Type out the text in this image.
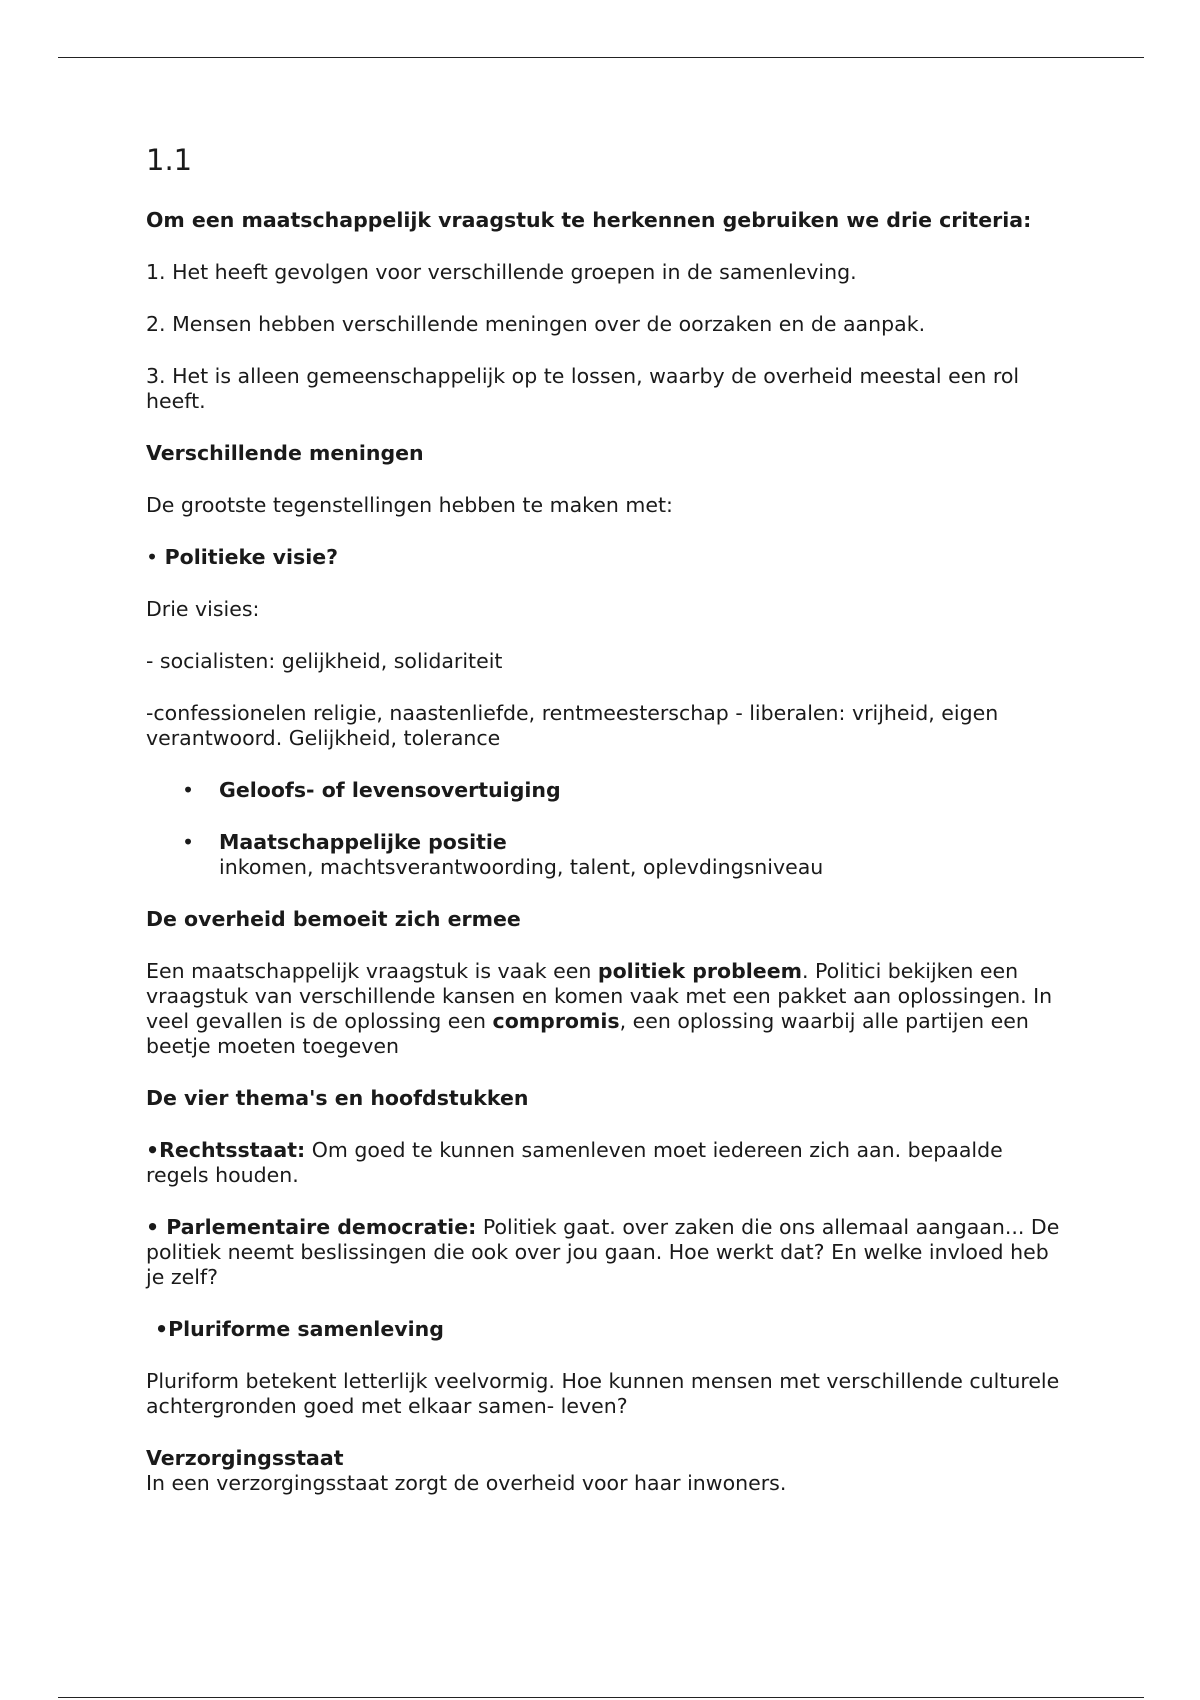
1.1

Om een maatschappelijk vraagstuk te herkennen gebruiken we drie criteria:

1. Het heeft gevolgen voor verschillende groepen in de samenleving.

2. Mensen hebben verschillende meningen over de oorzaken en de aanpak.

3. Het is alleen gemeenschappelijk op te lossen, waarby de overheid meestal een rol heeft.

Verschillende meningen

De grootste tegenstellingen hebben te maken met:

• Politieke visie?

Drie visies:

- socialisten: gelijkheid, solidariteit

-confessionelen religie, naastenliefde, rentmeesterschap - liberalen: vrijheid, eigen verantwoord. Gelijkheid, tolerance

• Geloofs- of levensovertuiging
• Maatschappelijke positie
inkomen, machtsverantwoording, talent, oplevdingsniveau

De overheid bemoeit zich ermee

Een maatschappelijk vraagstuk is vaak een politiek probleem. Politici bekijken een vraagstuk van verschillende kansen en komen vaak met een pakket aan oplossingen. In veel gevallen is de oplossing een compromis, een oplossing waarbij alle partijen een beetje moeten toegeven

De vier thema's en hoofdstukken

•Rechtsstaat: Om goed te kunnen samenleven moet iedereen zich aan. bepaalde regels houden.

• Parlementaire democratie: Politiek gaat. over zaken die ons allemaal aangaan... De politiek neemt beslissingen die ook over jou gaan. Hoe werkt dat? En welke invloed heb je zelf?

•Pluriforme samenleving

Pluriform betekent letterlijk veelvormig. Hoe kunnen mensen met verschillende culturele achtergronden goed met elkaar samen- leven?

Verzorgingsstaat
In een verzorgingsstaat zorgt de overheid voor haar inwoners.
